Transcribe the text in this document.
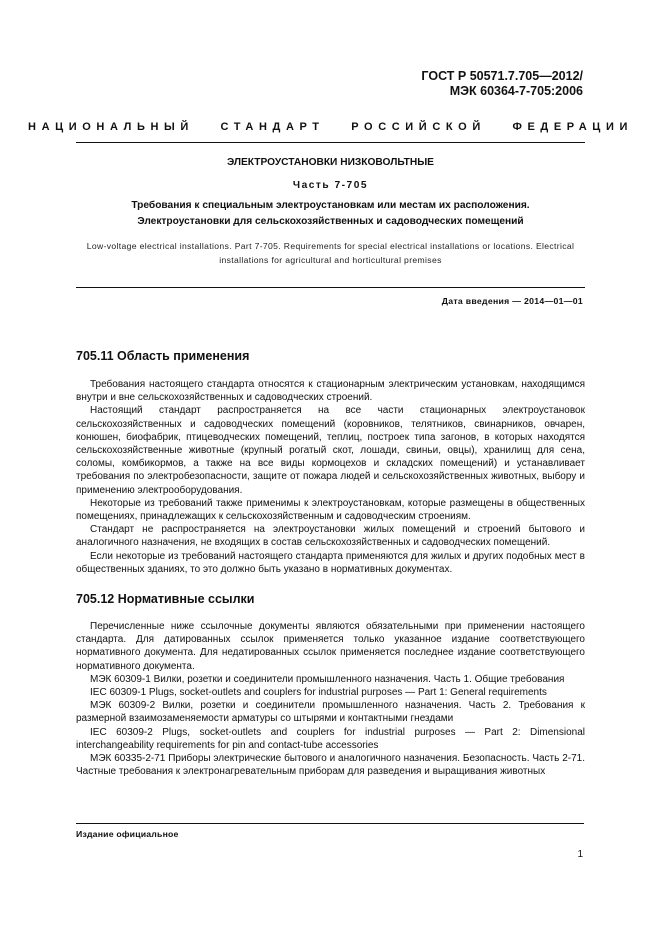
ГОСТ Р 50571.7.705—2012/
МЭК 60364-7-705:2006
НАЦИОНАЛЬНЫЙ СТАНДАРТ РОССИЙСКОЙ ФЕДЕРАЦИИ
ЭЛЕКТРОУСТАНОВКИ НИЗКОВОЛЬТНЫЕ
Часть 7-705
Требования к специальным электроустановкам или местам их расположения.
Электроустановки для сельскохозяйственных и садоводческих помещений
Low-voltage electrical installations. Part 7-705. Requirements for special electrical installations or locations. Electrical
installations for agricultural and horticultural premises
Дата введения — 2014—01—01
705.11 Область применения

Требования настоящего стандарта относятся к стационарным электрическим установкам, находящимся внутри и вне сельскохозяйственных и садоводческих строений.

Настоящий стандарт распространяется на все части стационарных электроустановок сельскохозяйственных и садоводческих помещений (коровников, телятников, свинарников, овчарен, конюшен, биофабрик, птицеводческих помещений, теплиц, построек типа загонов, в которых находятся сельскохозяйственные животные (крупный рогатый скот, лошади, свиньи, овцы), хранилищ для сена, соломы, комбикормов, а также на все виды кормоцехов и складских помещений) и устанавливает требования по электробезопасности, защите от пожара людей и сельскохозяйственных животных, выбору и применению электрооборудования.

Некоторые из требований также применимы к электроустановкам, которые размещены в общественных помещениях, принадлежащих к сельскохозяйственным и садоводческим строениям.

Стандарт не распространяется на электроустановки жилых помещений и строений бытового и аналогичного назначения, не входящих в состав сельскохозяйственных и садоводческих помещений.

Если некоторые из требований настоящего стандарта применяются для жилых и других подобных мест в общественных зданиях, то это должно быть указано в нормативных документах.

705.12 Нормативные ссылки

Перечисленные ниже ссылочные документы являются обязательными при применении настоящего стандарта. Для датированных ссылок применяется только указанное издание соответствующего нормативного документа. Для недатированных ссылок применяется последнее издание соответствующего нормативного документа.

МЭК 60309-1 Вилки, розетки и соединители промышленного назначения. Часть 1. Общие требования

IEC 60309-1 Plugs, socket-outlets and couplers for industrial purposes — Part 1: General requirements

МЭК 60309-2 Вилки, розетки и соединители промышленного назначения. Часть 2. Требования к размерной взаимозаменяемости арматуры со штырями и контактными гнездами

IEC 60309-2 Plugs, socket-outlets and couplers for industrial purposes — Part 2: Dimensional interchangeability requirements for pin and contact-tube accessories

МЭК 60335-2-71 Приборы электрические бытового и аналогичного назначения. Безопасность. Часть 2-71. Частные требования к электронагревательным приборам для разведения и выращивания животных

Издание официальное
1
